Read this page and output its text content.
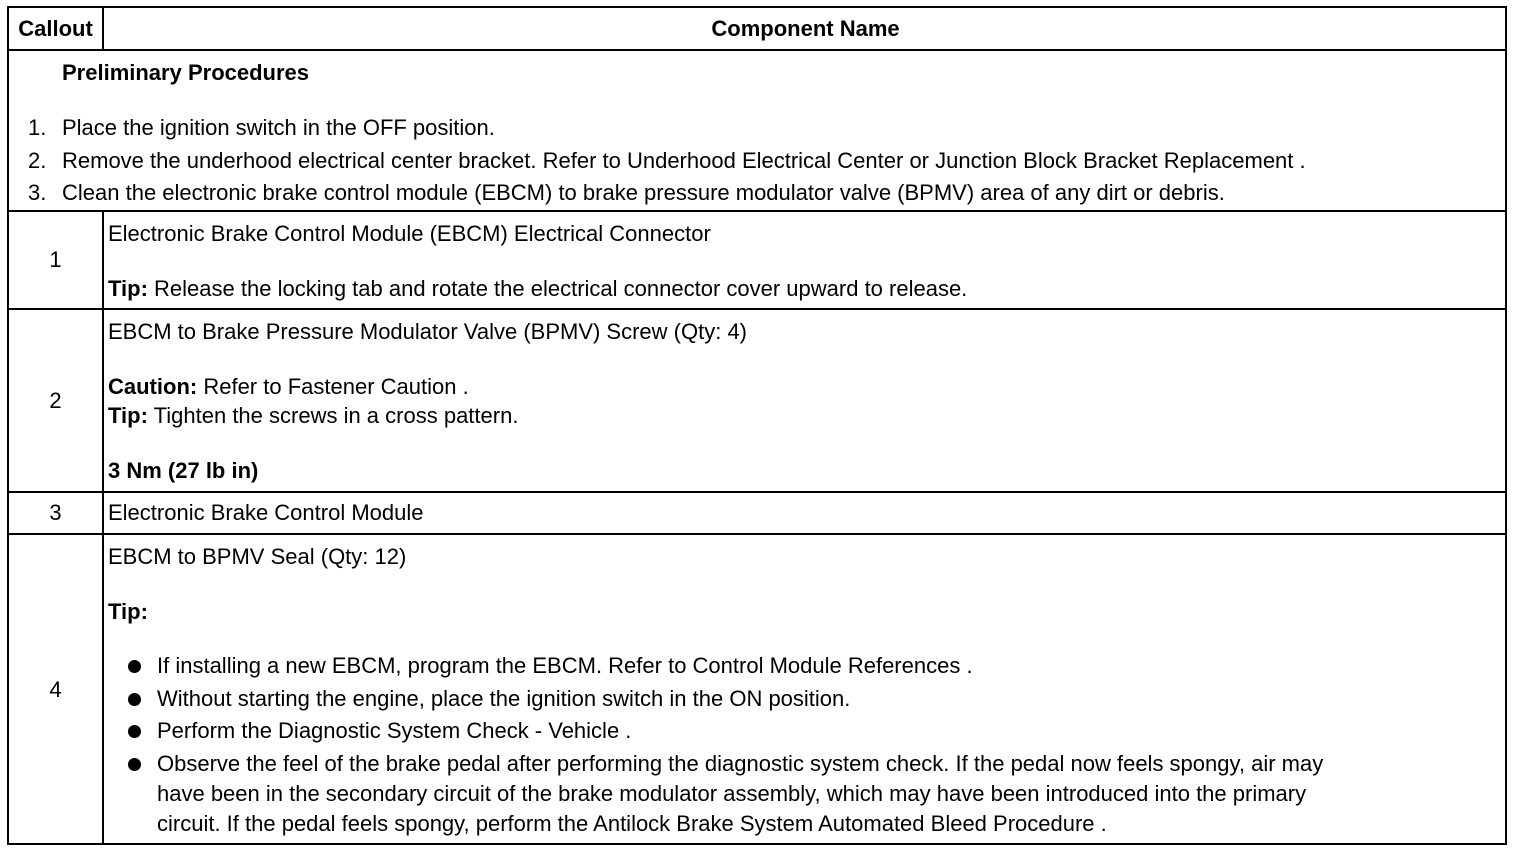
Callout	Component Name
Preliminary Procedures
1. Place the ignition switch in the OFF position.
2. Remove the underhood electrical center bracket. Refer to Underhood Electrical Center or Junction Block Bracket Replacement .
3. Clean the electronic brake control module (EBCM) to brake pressure modulator valve (BPMV) area of any dirt or debris.
1
Electronic Brake Control Module (EBCM) Electrical Connector
Tip: Release the locking tab and rotate the electrical connector cover upward to release.
2
EBCM to Brake Pressure Modulator Valve (BPMV) Screw (Qty: 4)
Caution: Refer to Fastener Caution .
Tip: Tighten the screws in a cross pattern.
3 Nm (27 lb in)
3	Electronic Brake Control Module
4
EBCM to BPMV Seal (Qty: 12)
Tip:
If installing a new EBCM, program the EBCM. Refer to Control Module References .
Without starting the engine, place the ignition switch in the ON position.
Perform the Diagnostic System Check - Vehicle .
Observe the feel of the brake pedal after performing the diagnostic system check. If the pedal now feels spongy, air may
have been in the secondary circuit of the brake modulator assembly, which may have been introduced into the primary
circuit. If the pedal feels spongy, perform the Antilock Brake System Automated Bleed Procedure .
